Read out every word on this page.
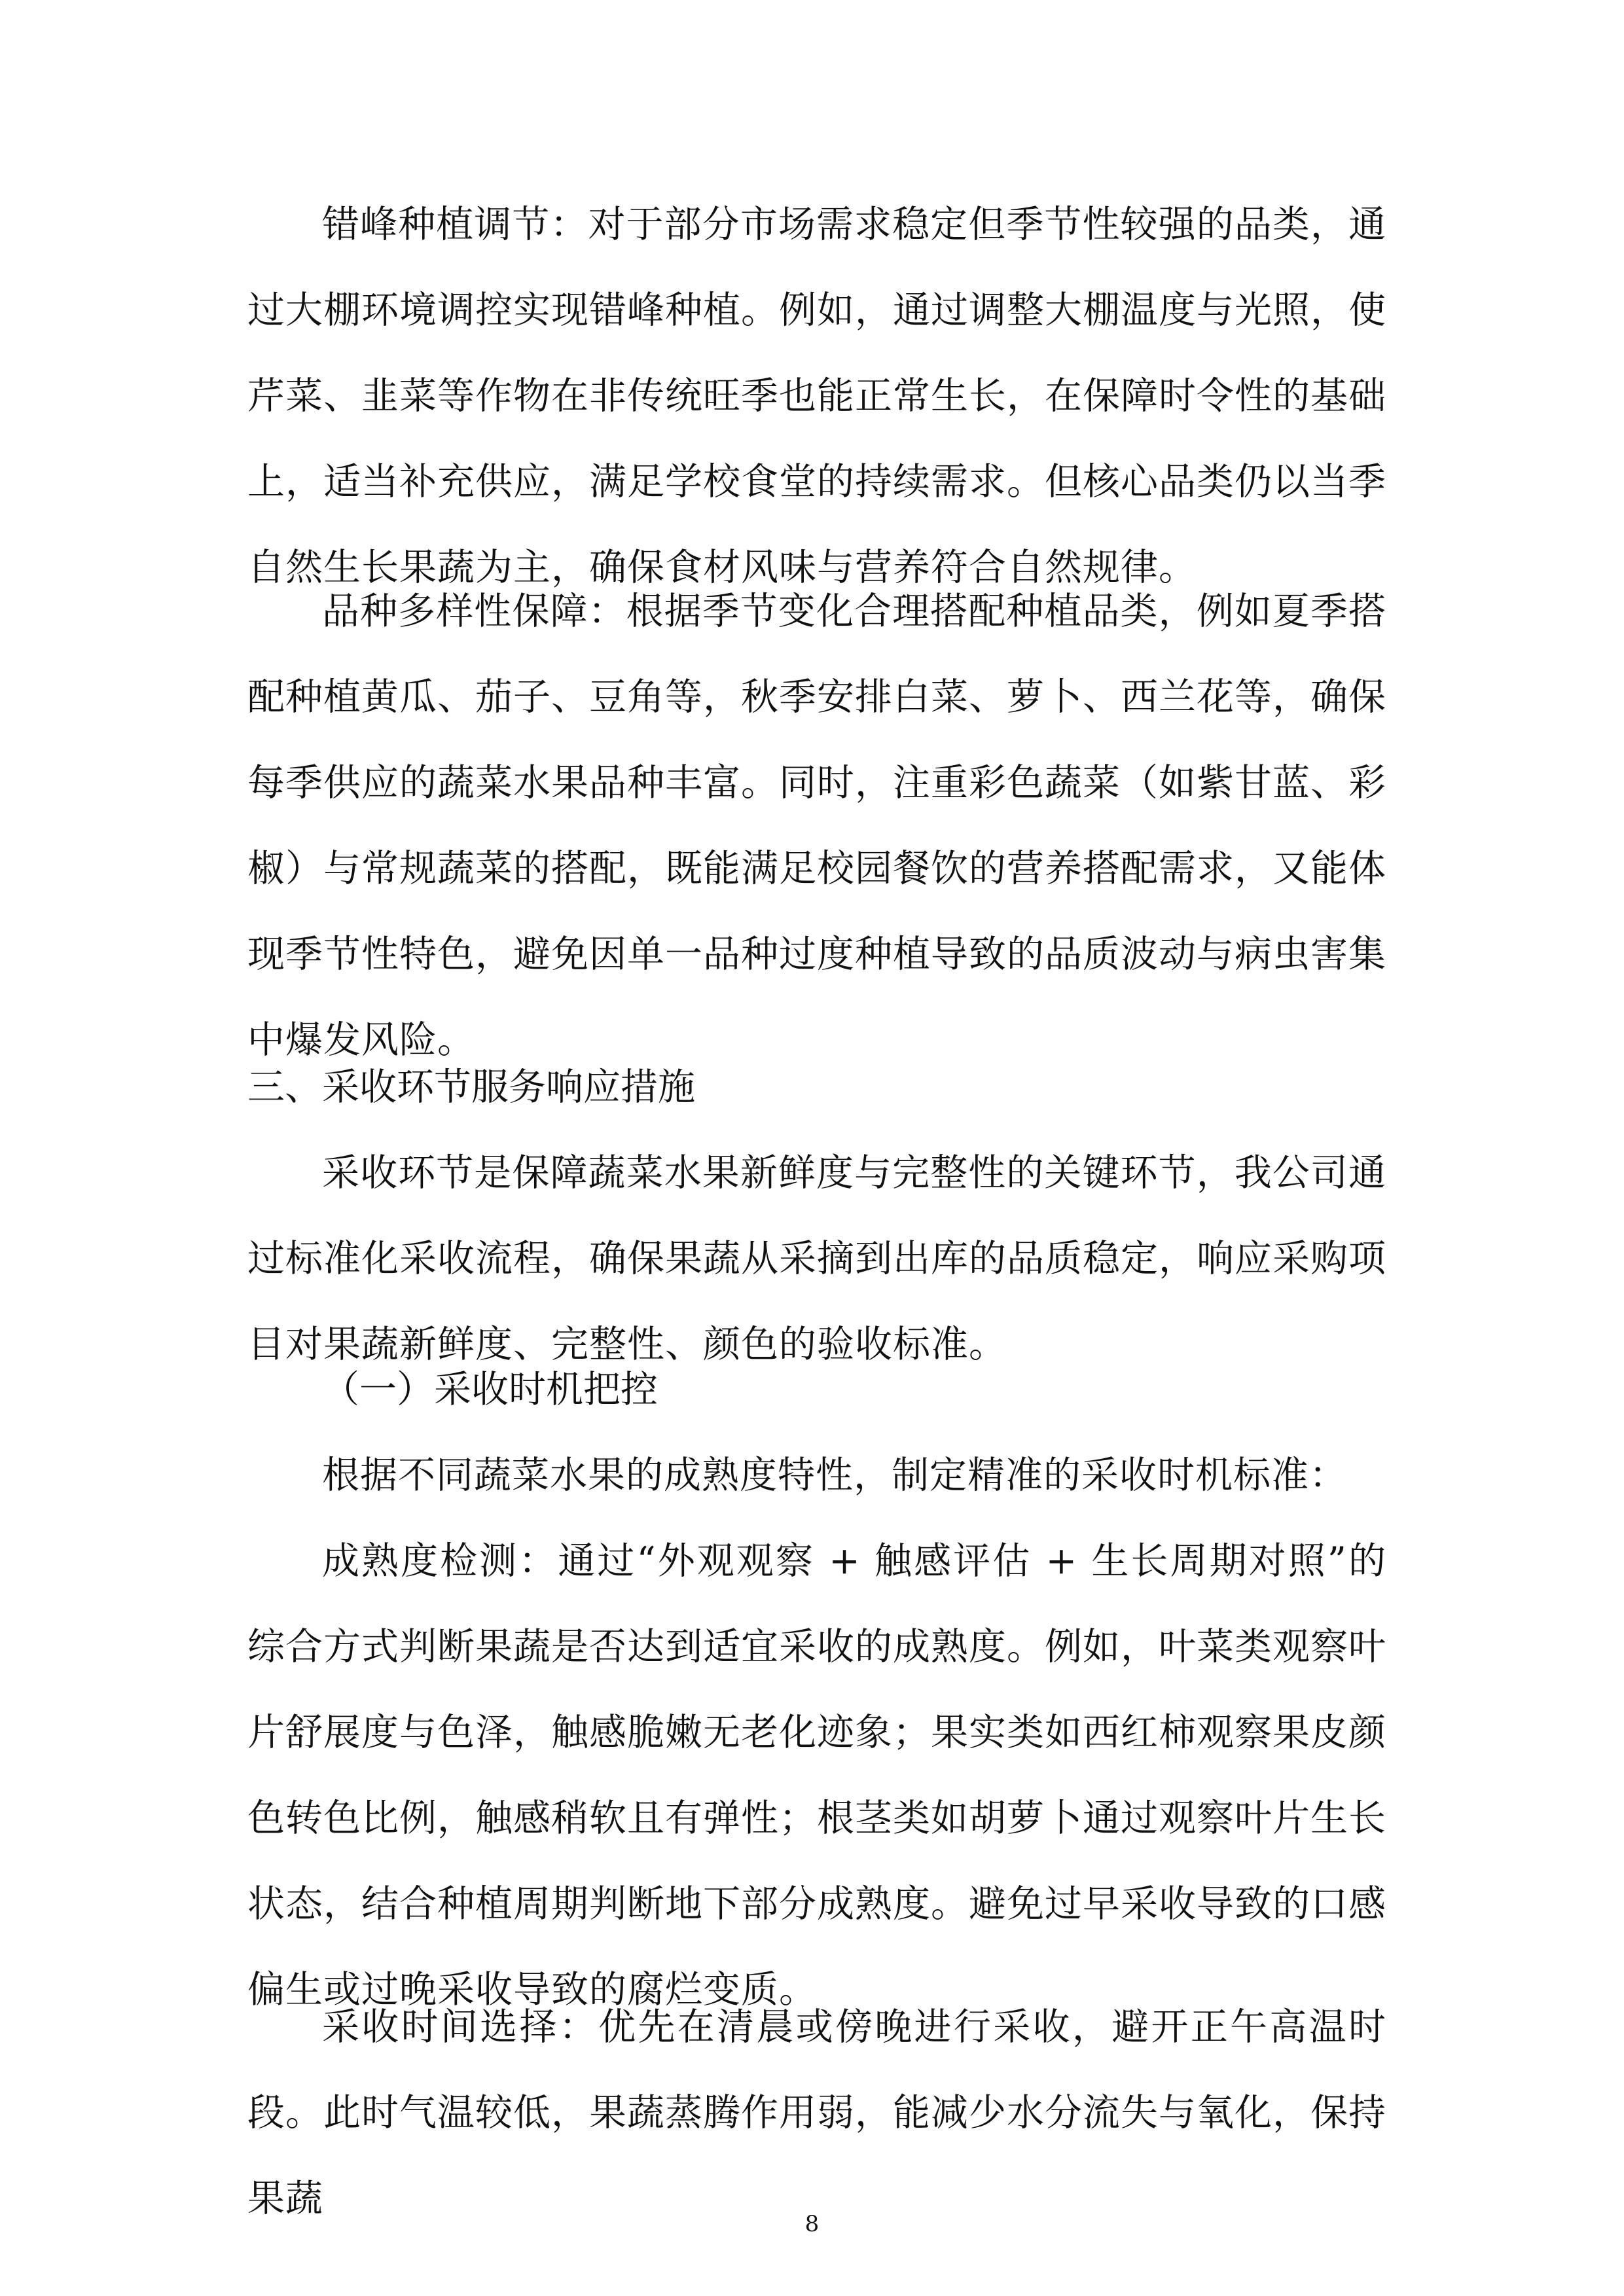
错峰种植调节：对于部分市场需求稳定但季节性较强的品类，通过大棚环境调控实现错峰种植。例如，通过调整大棚温度与光照，使芹菜、韭菜等作物在非传统旺季也能正常生长，在保障时令性的基础上，适当补充供应，满足学校食堂的持续需求。但核心品类仍以当季自然生长果蔬为主，确保食材风味与营养符合自然规律。

品种多样性保障：根据季节变化合理搭配种植品类，例如夏季搭配种植黄瓜、茄子、豆角等，秋季安排白菜、萝卜、西兰花等，确保每季供应的蔬菜水果品种丰富。同时，注重彩色蔬菜（如紫甘蓝、彩椒）与常规蔬菜的搭配，既能满足校园餐饮的营养搭配需求，又能体现季节性特色，避免因单一品种过度种植导致的品质波动与病虫害集中爆发风险。

三、采收环节服务响应措施

采收环节是保障蔬菜水果新鲜度与完整性的关键环节，我公司通过标准化采收流程，确保果蔬从采摘到出库的品质稳定，响应采购项目对果蔬新鲜度、完整性、颜色的验收标准。

（一）采收时机把控

根据不同蔬菜水果的成熟度特性，制定精准的采收时机标准：

成熟度检测：通过“外观观察 + 触感评估 + 生长周期对照”的综合方式判断果蔬是否达到适宜采收的成熟度。例如，叶菜类观察叶片舒展度与色泽，触感脆嫩无老化迹象；果实类如西红柿观察果皮颜色转色比例，触感稍软且有弹性；根茎类如胡萝卜通过观察叶片生长状态，结合种植周期判断地下部分成熟度。避免过早采收导致的口感偏生或过晚采收导致的腐烂变质。

采收时间选择：优先在清晨或傍晚进行采收，避开正午高温时段。此时气温较低，果蔬蒸腾作用弱，能减少水分流失与氧化，保持果蔬

8
